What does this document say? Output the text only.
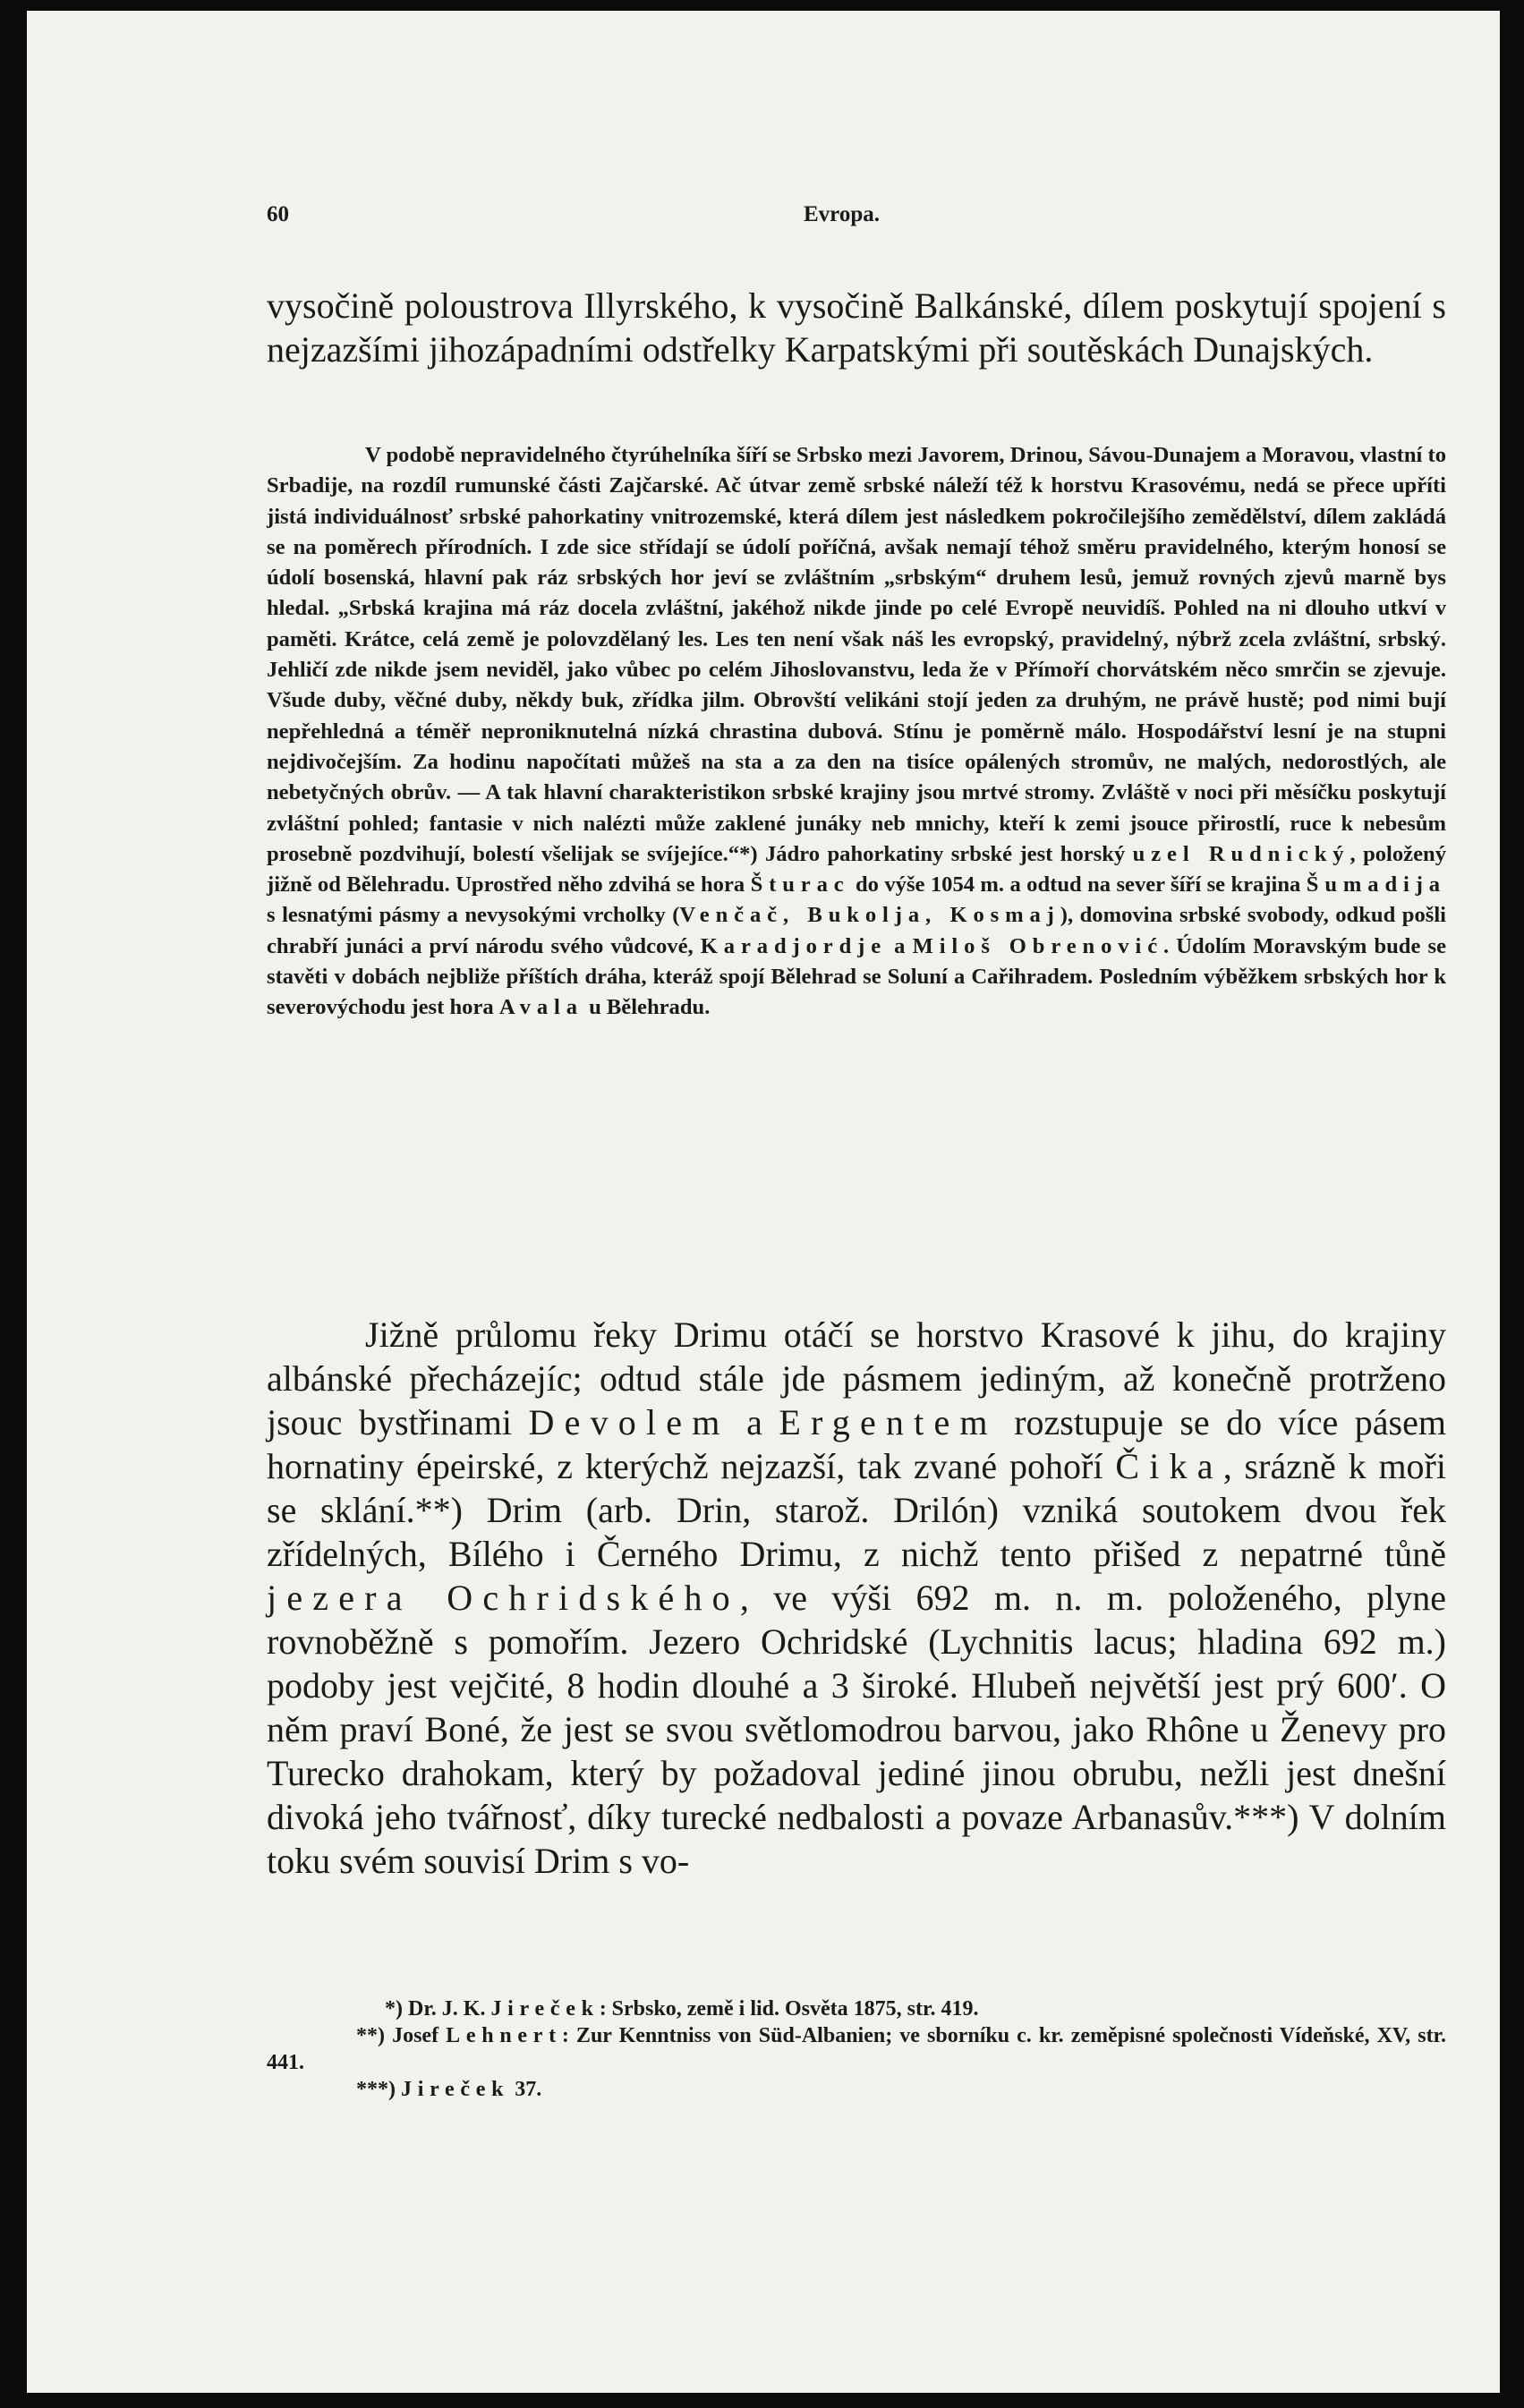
60	Evropa.

vysočině poloustrova Illyrského, k vysočině Balkánské, dílem poskytují spojení s nejzazšími jihozápadními odstřelky Karpatskými při soutěskách Dunajských.

V podobě nepravidelného čtyrúhelníka šíří se Srbsko mezi Javorem, Drinou, Sávou-Dunajem a Moravou, vlastní to Srbadije, na rozdíl rumunské části Zajčarské. Ač útvar země srbské náleží též k horstvu Krasovému, nedá se přece upříti jistá individuálnosť srbské pahorkatiny vnitrozemské, která dílem jest následkem pokročilejšího zemědělství, dílem zakládá se na poměrech přírodních. I zde sice střídají se údolí poříčná, avšak nemají téhož směru pravidelného, kterým honosí se údolí bosenská, hlavní pak ráz srbských hor jeví se zvláštním „srbským“ druhem lesů, jemuž rovných zjevů marně bys hledal. „Srbská krajina má ráz docela zvláštní, jakéhož nikde jinde po celé Evropě neuvidíš. Pohled na ni dlouho utkví v paměti. Krátce, celá země je polovzdělaný les. Les ten není však náš les evropský, pravidelný, nýbrž zcela zvláštní, srbský. Jehličí zde nikde jsem neviděl, jako vůbec po celém Jihoslovanstvu, leda že v Přímoří chorvátském něco smrčin se zjevuje. Všude duby, věčné duby, někdy buk, zřídka jilm. Obrovští velikáni stojí jeden za druhým, ne právě hustě; pod nimi bují nepřehledná a téměř neproniknutelná nízká chrastina dubová. Stínu je poměrně málo. Hospodářství lesní je na stupni nejdivočejším. Za hodinu napočítati můžeš na sta a za den na tisíce opálených stromův, ne malých, nedorostlých, ale nebetyčných obrův. — A tak hlavní charakteristikon srbské krajiny jsou mrtvé stromy. Zvláště v noci při měsíčku poskytují zvláštní pohled; fantasie v nich nalézti může zaklené junáky neb mnichy, kteří k zemi jsouce přirostlí, ruce k nebesům prosebně pozdvihují, bolestí všelijak se svíjejíce.“*) Jádro pahorkatiny srbské jest horský uzel Rudnický, položený jižně od Bělehradu. Uprostřed něho zdvihá se hora Šturac do výše 1054 m. a odtud na sever šíří se krajina Šumadija s lesnatými pásmy a nevysokými vrcholky (Venčač, Bukolja, Kosmaj), domovina srbské svobody, odkud pošli chrabří junáci a prví národu svého vůdcové, Karadjordje a Miloš Obrenović. Údolím Moravským bude se stavěti v dobách nejbliže příštích dráha, kteráž spojí Bělehrad se Soluní a Cařihradem. Posledním výběžkem srbských hor k severovýchodu jest hora Avala u Bělehradu.

Jižně průlomu řeky Drimu otáčí se horstvo Krasové k jihu, do krajiny albánské přecházejíc; odtud stále jde pásmem jediným, až konečně protrženo jsouc bystřinami Devolem a Ergentem rozstupuje se do více pásem hornatiny épeirské, z kterýchž nejzazší, tak zvané pohoří Čika, srázně k moři se sklání.**) Drim (arb. Drin, starož. Drilón) vzniká soutokem dvou řek zřídelných, Bílého i Černého Drimu, z nichž tento přišed z nepatrné tůně jezera Ochridského, ve výši 692 m. n. m. položeného, plyne rovnoběžně s pomořím. Jezero Ochridské (Lychnitis lacus; hladina 692 m.) podoby jest vejčité, 8 hodin dlouhé a 3 široké. Hlubeň největší jest prý 600′. O něm praví Boné, že jest se svou světlomodrou barvou, jako Rhône u Ženevy pro Turecko drahokam, který by požadoval jediné jinou obrubu, nežli jest dnešní divoká jeho tvářnosť, díky turecké nedbalosti a povaze Arbanasův.***) V dolním toku svém souvisí Drim s vo-

*) Dr. J. K. Jireček: Srbsko, země i lid. Osvěta 1875, str. 419.

**) Josef Lehnert: Zur Kenntniss von Süd-Albanien; ve sborníku c. kr. zeměpisné společnosti Vídeňské, XV, str. 441.

***) Jireček 37.
